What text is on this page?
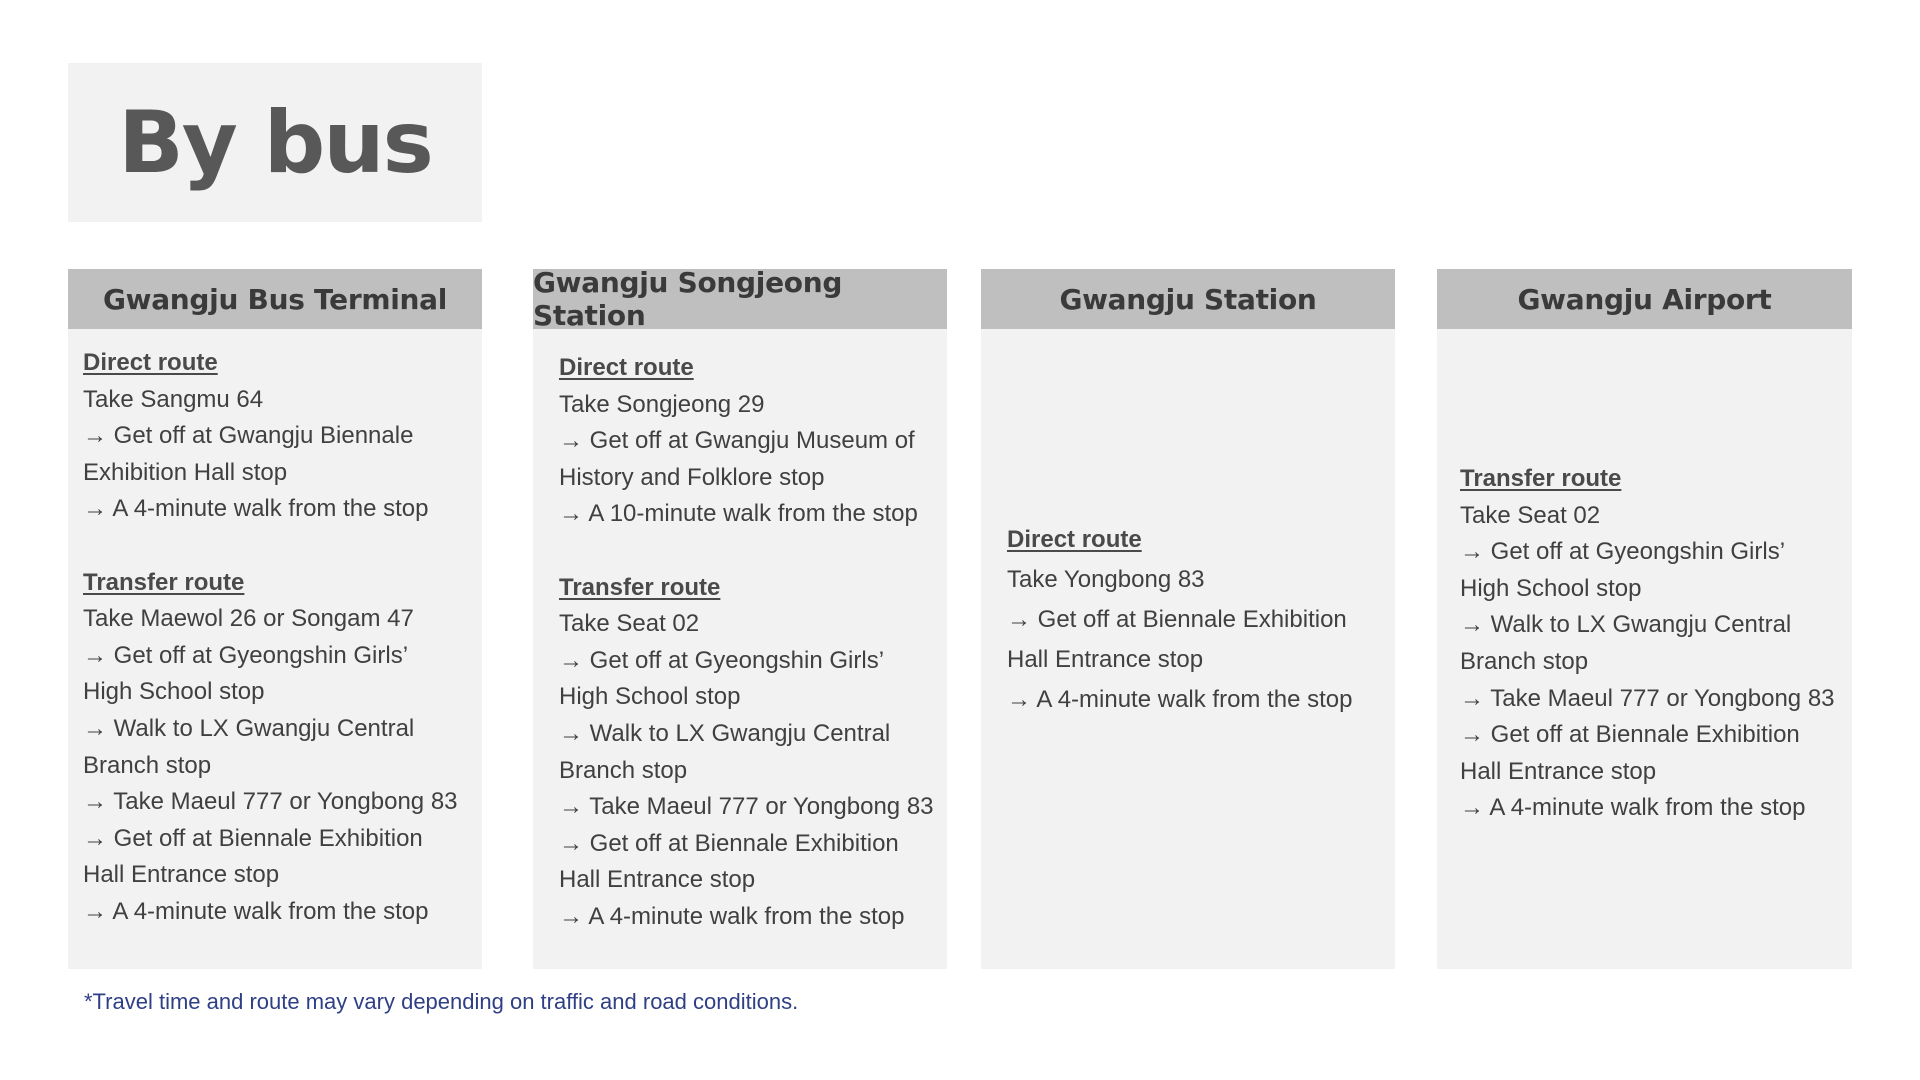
By bus
Gwangju Bus Terminal
Direct route
Take Sangmu 64
→ Get off at Gwangju Biennale
Exhibition Hall stop
→ A 4-minute walk from the stop
Transfer route
Take Maewol 26 or Songam 47
→ Get off at Gyeongshin Girls’
High School stop
→ Walk to LX Gwangju Central
Branch stop
→ Take Maeul 777 or Yongbong 83
→ Get off at Biennale Exhibition
Hall Entrance stop
→ A 4-minute walk from the stop
Gwangju Songjeong Station
Direct route
Take Songjeong 29
→ Get off at Gwangju Museum of
History and Folklore stop
→ A 10-minute walk from the stop
Transfer route
Take Seat 02
→ Get off at Gyeongshin Girls’
High School stop
→ Walk to LX Gwangju Central
Branch stop
→ Take Maeul 777 or Yongbong 83
→ Get off at Biennale Exhibition
Hall Entrance stop
→ A 4-minute walk from the stop
Gwangju Station
Direct route
Take Yongbong 83
→ Get off at Biennale Exhibition
Hall Entrance stop
→ A 4-minute walk from the stop
Gwangju Airport
Transfer route
Take Seat 02
→ Get off at Gyeongshin Girls’
High School stop
→ Walk to LX Gwangju Central
Branch stop
→ Take Maeul 777 or Yongbong 83
→ Get off at Biennale Exhibition
Hall Entrance stop
→ A 4-minute walk from the stop
*Travel time and route may vary depending on traffic and road conditions.
